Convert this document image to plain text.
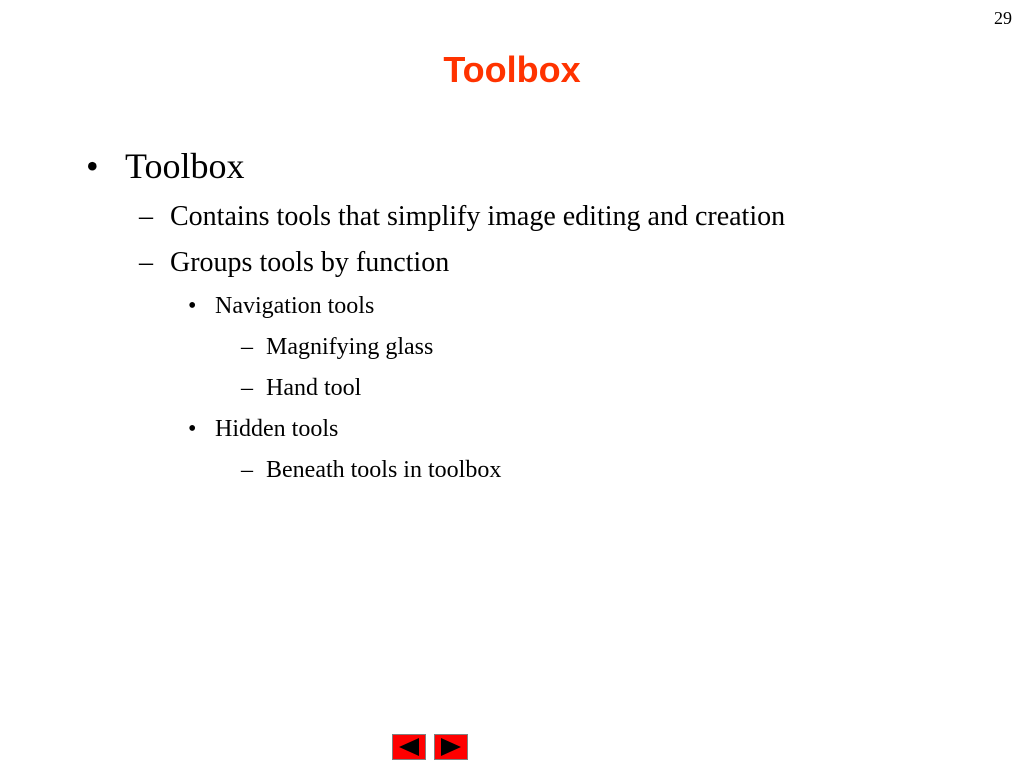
29
Toolbox
• Toolbox
– Contains tools that simplify image editing and creation
– Groups tools by function
• Navigation tools
– Magnifying glass
– Hand tool
• Hidden tools
– Beneath tools in toolbox
